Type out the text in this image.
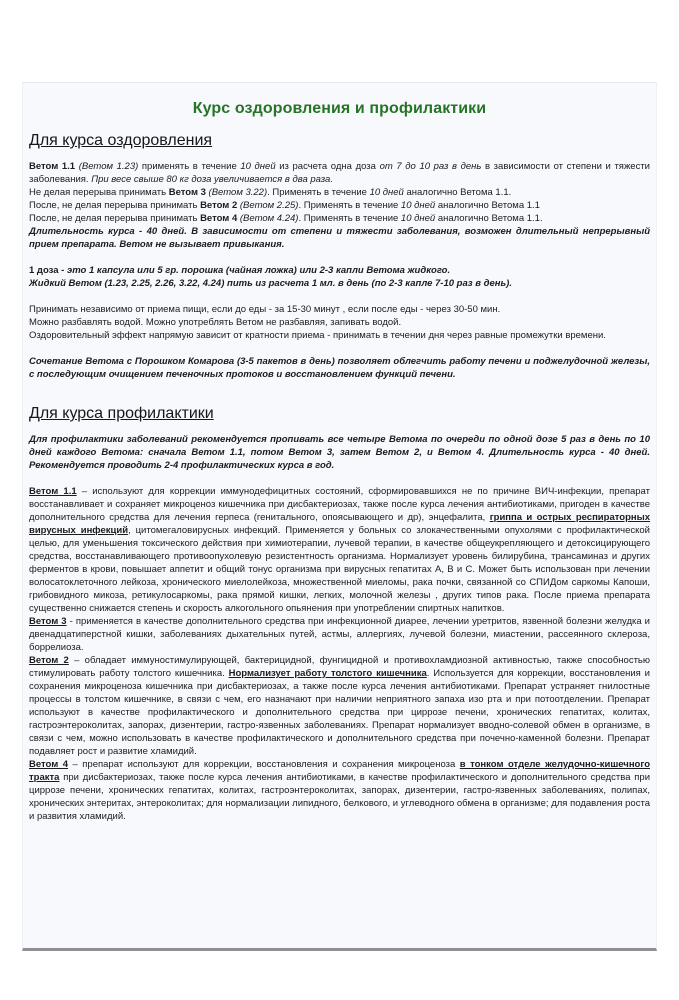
Курс оздоровления и профилактики
Для курса оздоровления
Ветом 1.1 (Ветом 1.23) применять в течение 10 дней из расчета одна доза от 7 до 10 раз в день в зависимости от степени и тяжести заболевания. При весе свыше 80 кг доза увеличивается в два раза.
Не делая перерыва принимать Ветом 3 (Ветом 3.22). Применять в течение 10 дней аналогично Ветома 1.1.
После, не делая перерыва принимать Ветом 2 (Ветом 2.25). Применять в течение 10 дней аналогично Ветома 1.1
После, не делая перерыва принимать Ветом 4 (Ветом 4.24). Применять в течение 10 дней аналогично Ветома 1.1.
Длительность курса - 40 дней. В зависимости от степени и тяжести заболевания, возможен длительный непрерывный прием препарата. Ветом не вызывает привыкания.
1 доза - это 1 капсула или 5 гр. порошка (чайная ложка) или 2-3 капли Ветома жидкого.
Жидкий Ветом (1.23, 2.25, 2.26, 3.22, 4.24) пить из расчета 1 мл. в день (по 2-3 капле 7-10 раз в день).
Принимать независимо от приема пищи, если до еды - за 15-30 минут , если после еды - через 30-50 мин.
Можно разбавлять водой. Можно употреблять Ветом не разбавляя, запивать водой.
Оздоровительный эффект напрямую зависит от кратности приема - принимать в течении дня через равные промежутки времени.
Сочетание Ветома с Порошком Комарова (3-5 пакетов в день) позволяет облегчить работу печени и поджелудочной железы, с последующим очищением печеночных протоков и восстановлением функций печени.
Для курса профилактики
Для профилактики заболеваний рекомендуется пропивать все четыре Ветома по очереди по одной дозе 5 раз в день по 10 дней каждого Ветома: сначала Ветом 1.1, потом Ветом 3, затем Ветом 2, и Ветом 4. Длительность курса - 40 дней. Рекомендуется проводить 2-4 профилактических курса в год.
Ветом 1.1 – используют для коррекции иммунодефицитных состояний, сформировавшихся не по причине ВИЧ-инфекции, препарат восстанавливает и сохраняет микроценоз кишечника при дисбактериозах, также после курса лечения антибиотиками, пригоден в качестве дополнительного средства для лечения герпеса (генитального, опоясывающего и др), энцефалита, гриппа и острых респираторных вирусных инфекций, цитомегаловирусных инфекций. Применяется у больных со злокачественными опухолями с профилактической целью, для уменьшения токсического действия при химиотерапии, лучевой терапии, в качестве общеукрепляющего и детоксицирующего средства, восстанавливающего противоопухолевую резистентность организма. Нормализует уровень билирубина, трансаминаз и других ферментов в крови, повышает аппетит и общий тонус организма при вирусных гепатитах А, В и С. Может быть использован при лечении волосатоклеточного лейкоза, хронического миелолейкоза, множественной миеломы, рака почки, связанной со СПИДом саркомы Капоши, грибовидного микоза, ретикулосаркомы, рака прямой кишки, легких, молочной железы , других типов рака. После приема препарата существенно снижается степень и скорость алкогольного опьянения при употреблении спиртных напитков.
Ветом 3 - применяется в качестве дополнительного средства при инфекционной диарее, лечении уретритов, язвенной болезни желудка и двенадцатиперстной кишки, заболеваниях дыхательных путей, астмы, аллергиях, лучевой болезни, миастении, рассеянного склероза, боррелиоза.
Ветом 2 – обладает иммуностимулирующей, бактерицидной, фунгицидной и противохламдиозной активностью, также способностью стимулировать работу толстого кишечника. Нормализует работу толстого кишечника. Используется для коррекции, восстановления и сохранения микроценоза кишечника при дисбактериозах, а также после курса лечения антибиотиками. Препарат устраняет гнилостные процессы в толстом кишечнике, в связи с чем, его назначают при наличии неприятного запаха изо рта и при потоотделении. Препарат используют в качестве профилактического и дополнительного средства при циррозе печени, хронических гепатитах, колитах, гастроэнтероколитах, запорах, дизентерии, гастро-язвенных заболеваниях. Препарат нормализует вводно-солевой обмен в организме, в связи с чем, можно использовать в качестве профилактического и дополнительного средства при почечно-каменной болезни. Препарат подавляет рост и развитие хламидий.
Ветом 4 – препарат используют для коррекции, восстановления и сохранения микроценоза в тонком отделе желудочно-кишечного тракта при дисбактериозах, также после курса лечения антибиотиками, в качестве профилактического и дополнительного средства при циррозе печени, хронических гепатитах, колитах, гастроэнтероколитах, запорах, дизентерии, гастро-язвенных заболеваниях, полипах, хронических энтеритах, энтероколитах; для нормализации липидного, белкового, и углеводного обмена в организме; для подавления роста и развития хламидий.
